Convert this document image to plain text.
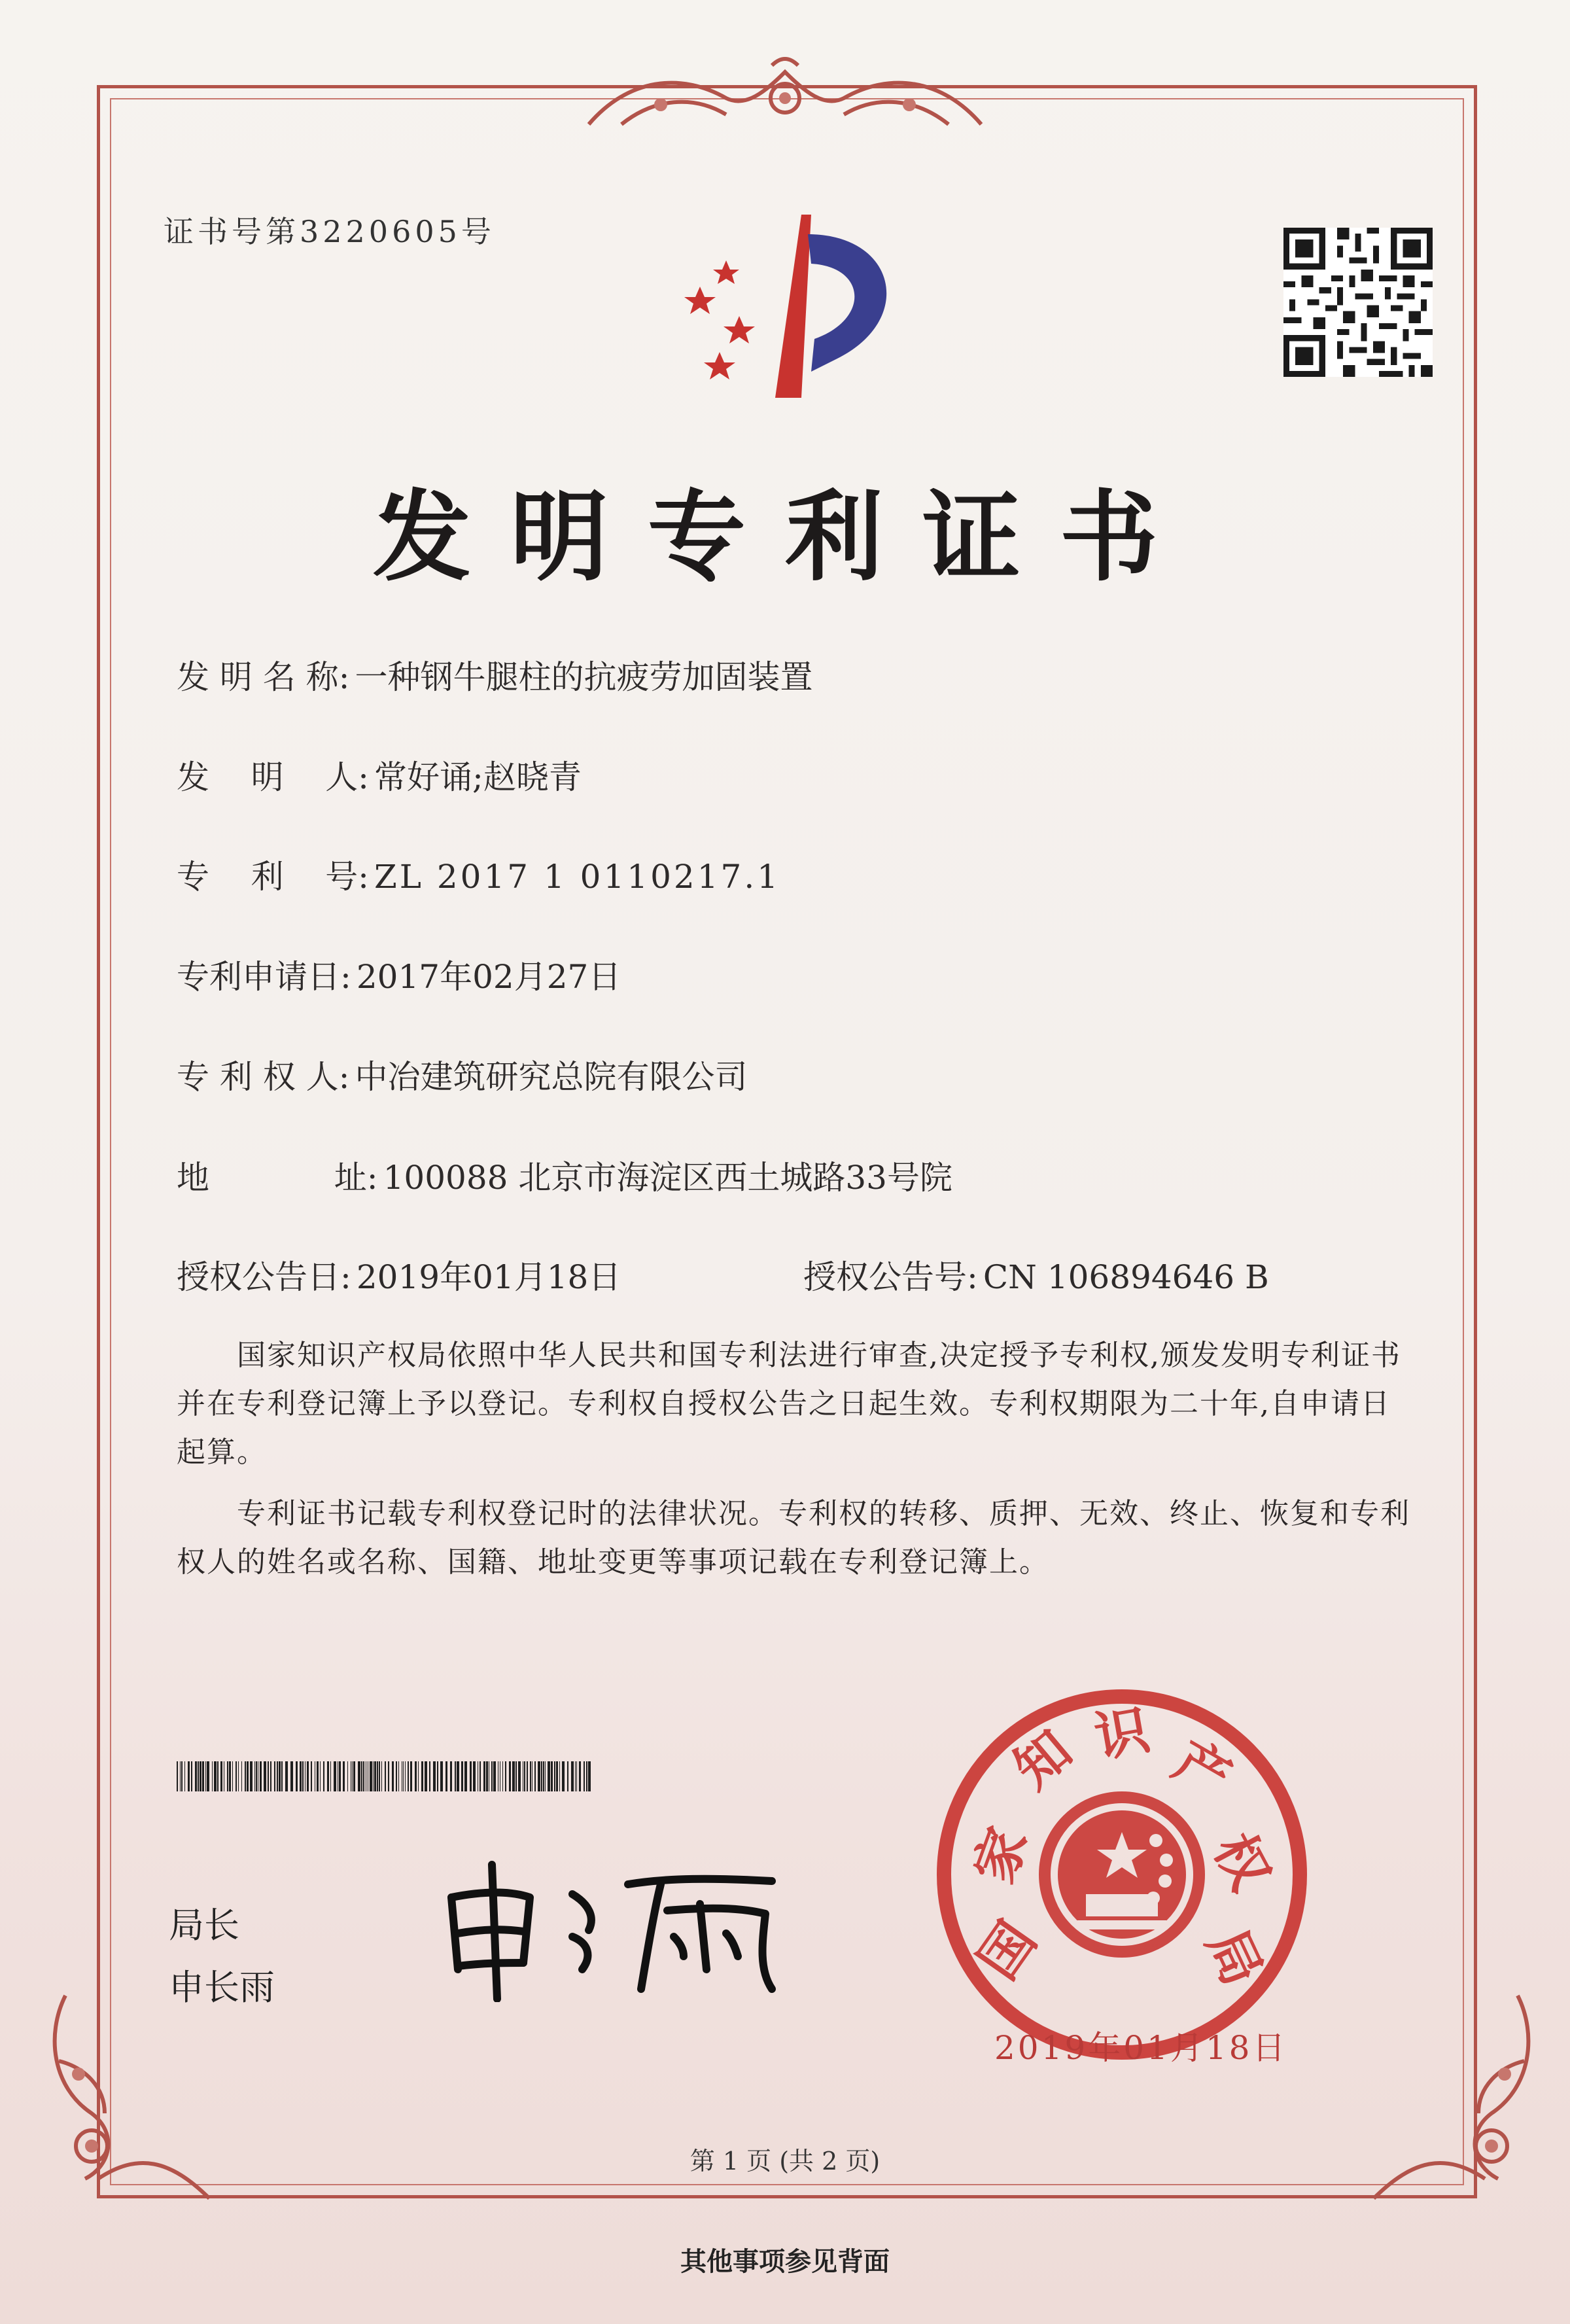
证书号第3220605号
发明专利证书
发 明 名 称: 一种钢牛腿柱的抗疲劳加固装置
发    明    人: 常好诵;赵晓青
专    利    号: ZL 2017 1 0110217.1
专利申请日: 2017年02月27日
专 利 权 人: 中冶建筑研究总院有限公司
地            址: 100088 北京市海淀区西土城路33号院
授权公告日: 2019年01月18日	授权公告号: CN 106894646 B

国家知识产权局依照中华人民共和国专利法进行审查,决定授予专利权,颁发发明专利证书并在专利登记簿上予以登记。专利权自授权公告之日起生效。专利权期限为二十年,自申请日起算。

专利证书记载专利权登记时的法律状况。专利权的转移、质押、无效、终止、恢复和专利权人的姓名或名称、国籍、地址变更等事项记载在专利登记簿上。

局长
申长雨	国
家
知 识 产
权
局
2019年01月18日
第 1 页 (共 2 页)
其他事项参见背面
